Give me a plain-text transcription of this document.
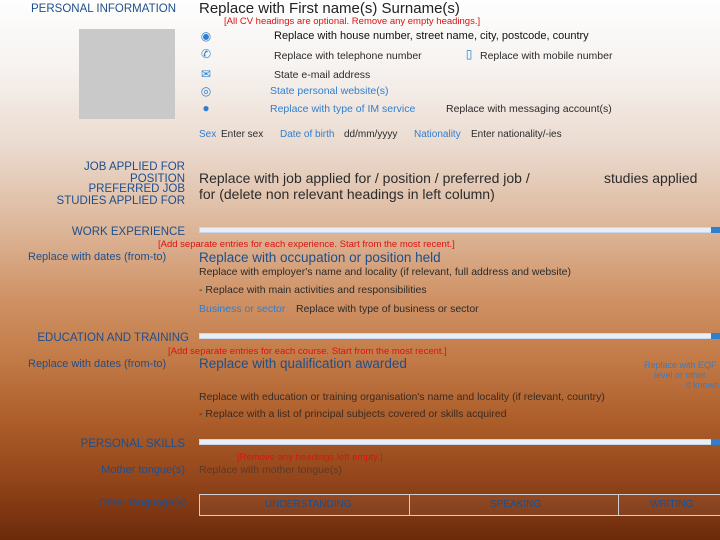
PERSONAL INFORMATION Replace with First name(s) Surname(s)
[All CV headings are optional. Remove any empty headings.]
◉	Replace with house number, street name, city, postcode, country
✆	Replace with telephone number	▯ Replace with mobile number
✉	State e-mail address
◎	State personal website(s)
●	Replace with type of IM service	Replace with messaging account(s)
Sex Enter sex Date of birth dd/mm/yyyy Nationality Enter nationality/-ies
JOB APPLIED FOR
POSITION
PREFERRED JOB
STUDIES APPLIED FOR
Replace with job applied for / position / preferred job /	studies applied
for (delete non relevant headings in left column)
WORK EXPERIENCE
[Add separate entries for each experience. Start from the most recent.]
Replace with dates (from-to) Replace with occupation or position held
Replace with employer's name and locality (if relevant, full address and website)
- Replace with main activities and responsibilities
Business or sector Replace with type of business or sector
EDUCATION AND TRAINING
[Add separate entries for each course. Start from the most recent.]
Replace with dates (from-to) Replace with qualification awarded	Replace with EQF
level or other
if known
Replace with education or training organisation's name and locality (if relevant, country)
- Replace with a list of principal subjects covered or skills acquired
PERSONAL SKILLS
[Remove any headings left empty.]
Mother tongue(s) Replace with mother tongue(s)
Other language(s)	UNDERSTANDING	SPEAKING	WRITING
